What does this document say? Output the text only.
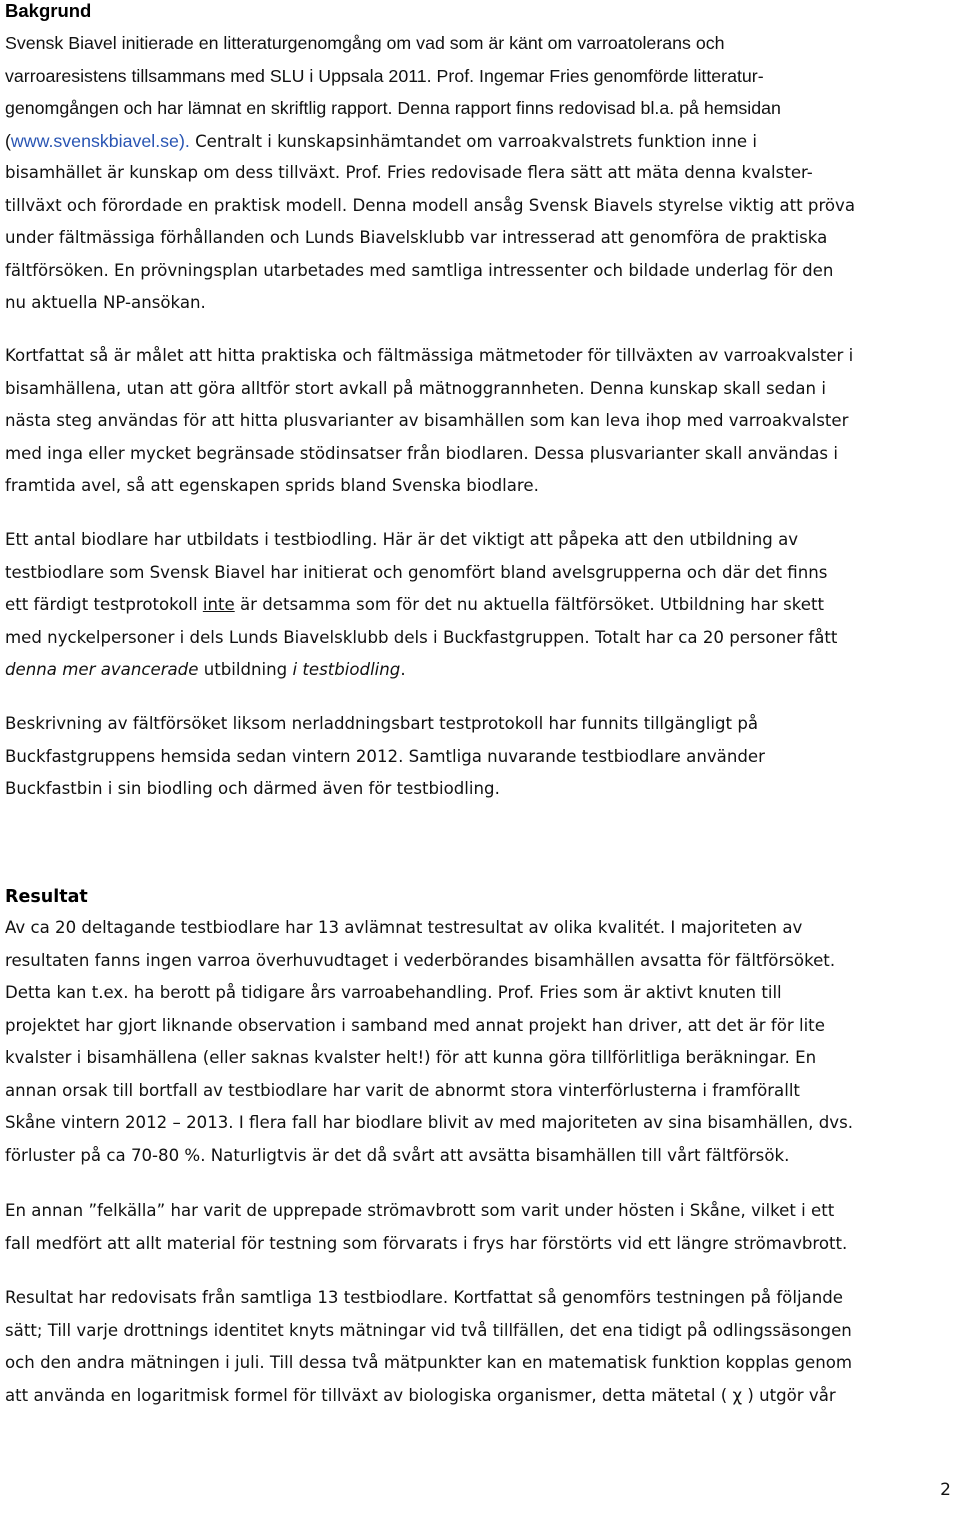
Bakgrund
Svensk Biavel initierade en litteraturgenomgång om vad som är känt om varroatolerans och
varroaresistens tillsammans med SLU i Uppsala 2011. Prof. Ingemar Fries genomförde litteratur-
genomgången och har lämnat en skriftlig rapport. Denna rapport finns redovisad bl.a. på hemsidan
(www.svenskbiavel.se). Centralt i kunskapsinhämtandet om varroakvalstrets funktion inne i
bisamhället är kunskap om dess tillväxt. Prof. Fries redovisade flera sätt att mäta denna kvalster-
tillväxt och förordade en praktisk modell. Denna modell ansåg Svensk Biavels styrelse viktig att pröva
under fältmässiga förhållanden och Lunds Biavelsklubb var intresserad att genomföra de praktiska
fältförsöken. En prövningsplan utarbetades med samtliga intressenter och bildade underlag för den
nu aktuella NP-ansökan.
Kortfattat så är målet att hitta praktiska och fältmässiga mätmetoder för tillväxten av varroakvalster i
bisamhällena, utan att göra alltför stort avkall på mätnoggrannheten. Denna kunskap skall sedan i
nästa steg användas för att hitta plusvarianter av bisamhällen som kan leva ihop med varroakvalster
med inga eller mycket begränsade stödinsatser från biodlaren. Dessa plusvarianter skall användas i
framtida avel, så att egenskapen sprids bland Svenska biodlare.
Ett antal biodlare har utbildats i testbiodling. Här är det viktigt att påpeka att den utbildning av
testbiodlare som Svensk Biavel har initierat och genomfört bland avelsgrupperna och där det finns
ett färdigt testprotokoll inte är detsamma som för det nu aktuella fältförsöket. Utbildning har skett
med nyckelpersoner i dels Lunds Biavelsklubb dels i Buckfastgruppen. Totalt har ca 20 personer fått
denna mer avancerade utbildning i testbiodling.
Beskrivning av fältförsöket liksom nerladdningsbart testprotokoll har funnits tillgängligt på
Buckfastgruppens hemsida sedan vintern 2012. Samtliga nuvarande testbiodlare använder
Buckfastbin i sin biodling och därmed även för testbiodling.
Resultat
Av ca 20 deltagande testbiodlare har 13 avlämnat testresultat av olika kvalitét. I majoriteten av
resultaten fanns ingen varroa överhuvudtaget i vederbörandes bisamhällen avsatta för fältförsöket.
Detta kan t.ex. ha berott på tidigare års varroabehandling. Prof. Fries som är aktivt knuten till
projektet har gjort liknande observation i samband med annat projekt han driver, att det är för lite
kvalster i bisamhällena (eller saknas kvalster helt!) för att kunna göra tillförlitliga beräkningar. En
annan orsak till bortfall av testbiodlare har varit de abnormt stora vinterförlusterna i framförallt
Skåne vintern 2012 – 2013. I flera fall har biodlare blivit av med majoriteten av sina bisamhällen, dvs.
förluster på ca 70-80 %. Naturligtvis är det då svårt att avsätta bisamhällen till vårt fältförsök.
En annan ”felkälla” har varit de upprepade strömavbrott som varit under hösten i Skåne, vilket i ett
fall medfört att allt material för testning som förvarats i frys har förstörts vid ett längre strömavbrott.
Resultat har redovisats från samtliga 13 testbiodlare. Kortfattat så genomförs testningen på följande
sätt; Till varje drottnings identitet knyts mätningar vid två tillfällen, det ena tidigt på odlingssäsongen
och den andra mätningen i juli. Till dessa två mätpunkter kan en matematisk funktion kopplas genom
att använda en logaritmisk formel för tillväxt av biologiska organismer, detta mätetal ( χ ) utgör vår
2
